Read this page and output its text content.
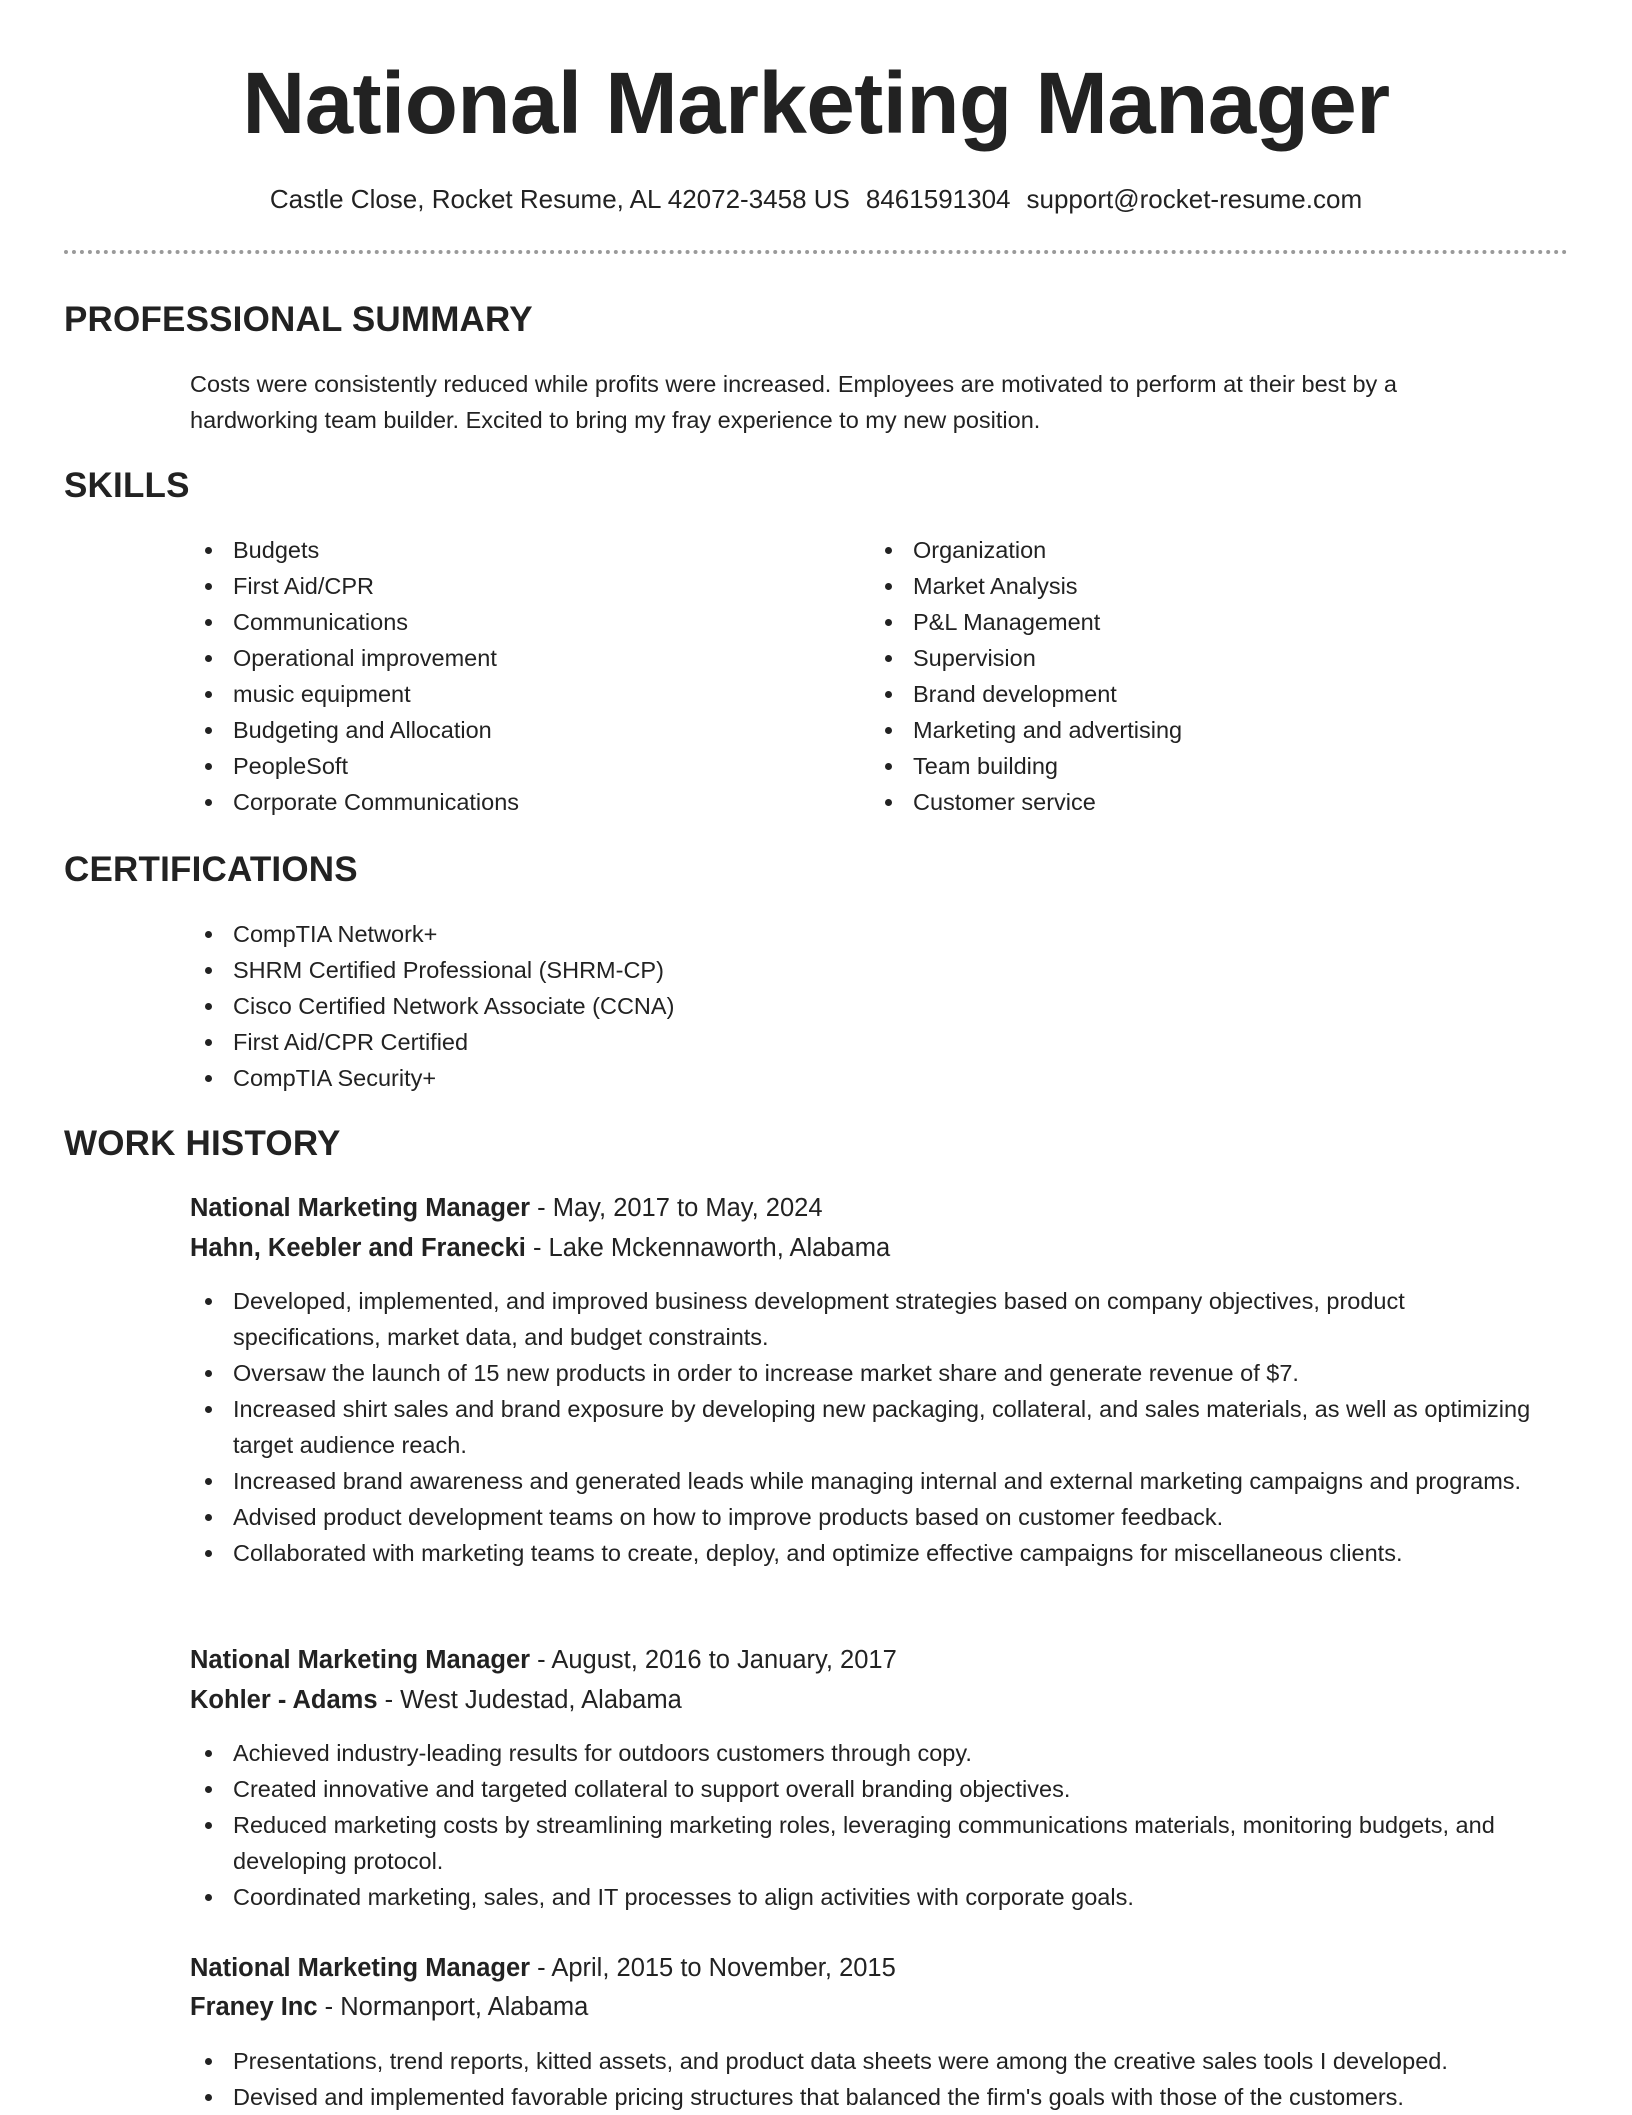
National Marketing Manager
Castle Close, Rocket Resume, AL 42072-3458 US 8461591304 support@rocket-resume.com
PROFESSIONAL SUMMARY
Costs were consistently reduced while profits were increased. Employees are motivated to perform at their best by a hardworking team builder. Excited to bring my fray experience to my new position.
SKILLS
Budgets
First Aid/CPR
Communications
Operational improvement
music equipment
Budgeting and Allocation
PeopleSoft
Corporate Communications
Organization
Market Analysis
P&L Management
Supervision
Brand development
Marketing and advertising
Team building
Customer service
CERTIFICATIONS
CompTIA Network+
SHRM Certified Professional (SHRM-CP)
Cisco Certified Network Associate (CCNA)
First Aid/CPR Certified
CompTIA Security+
WORK HISTORY
National Marketing Manager - May, 2017 to May, 2024
Hahn, Keebler and Franecki - Lake Mckennaworth, Alabama
Developed, implemented, and improved business development strategies based on company objectives, product specifications, market data, and budget constraints.
Oversaw the launch of 15 new products in order to increase market share and generate revenue of $7.
Increased shirt sales and brand exposure by developing new packaging, collateral, and sales materials, as well as optimizing target audience reach.
Increased brand awareness and generated leads while managing internal and external marketing campaigns and programs.
Advised product development teams on how to improve products based on customer feedback.
Collaborated with marketing teams to create, deploy, and optimize effective campaigns for miscellaneous clients.
National Marketing Manager - August, 2016 to January, 2017
Kohler - Adams - West Judestad, Alabama
Achieved industry-leading results for outdoors customers through copy.
Created innovative and targeted collateral to support overall branding objectives.
Reduced marketing costs by streamlining marketing roles, leveraging communications materials, monitoring budgets, and developing protocol.
Coordinated marketing, sales, and IT processes to align activities with corporate goals.
National Marketing Manager - April, 2015 to November, 2015
Franey Inc - Normanport, Alabama
Presentations, trend reports, kitted assets, and product data sheets were among the creative sales tools I developed.
Devised and implemented favorable pricing structures that balanced the firm's goals with those of the customers.
